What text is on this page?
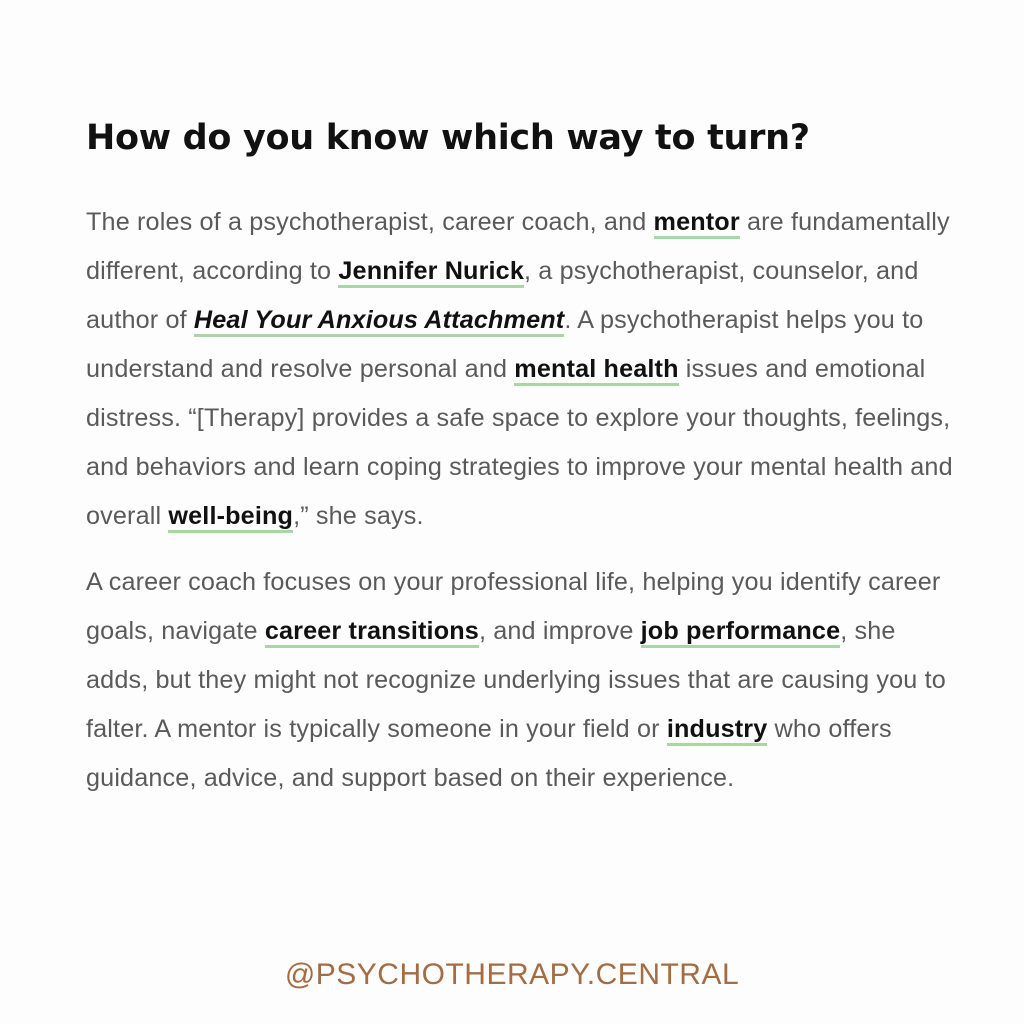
How do you know which way to turn?

The roles of a psychotherapist, career coach, and mentor are fundamentally different, according to Jennifer Nurick, a psychotherapist, counselor, and author of Heal Your Anxious Attachment. A psychotherapist helps you to understand and resolve personal and mental health issues and emotional distress. “[Therapy] provides a safe space to explore your thoughts, feelings, and behaviors and learn coping strategies to improve your mental health and overall well-being,” she says.

A career coach focuses on your professional life, helping you identify career goals, navigate career transitions, and improve job performance, she adds, but they might not recognize underlying issues that are causing you to falter. A mentor is typically someone in your field or industry who offers guidance, advice, and support based on their experience.

@PSYCHOTHERAPY.CENTRAL
